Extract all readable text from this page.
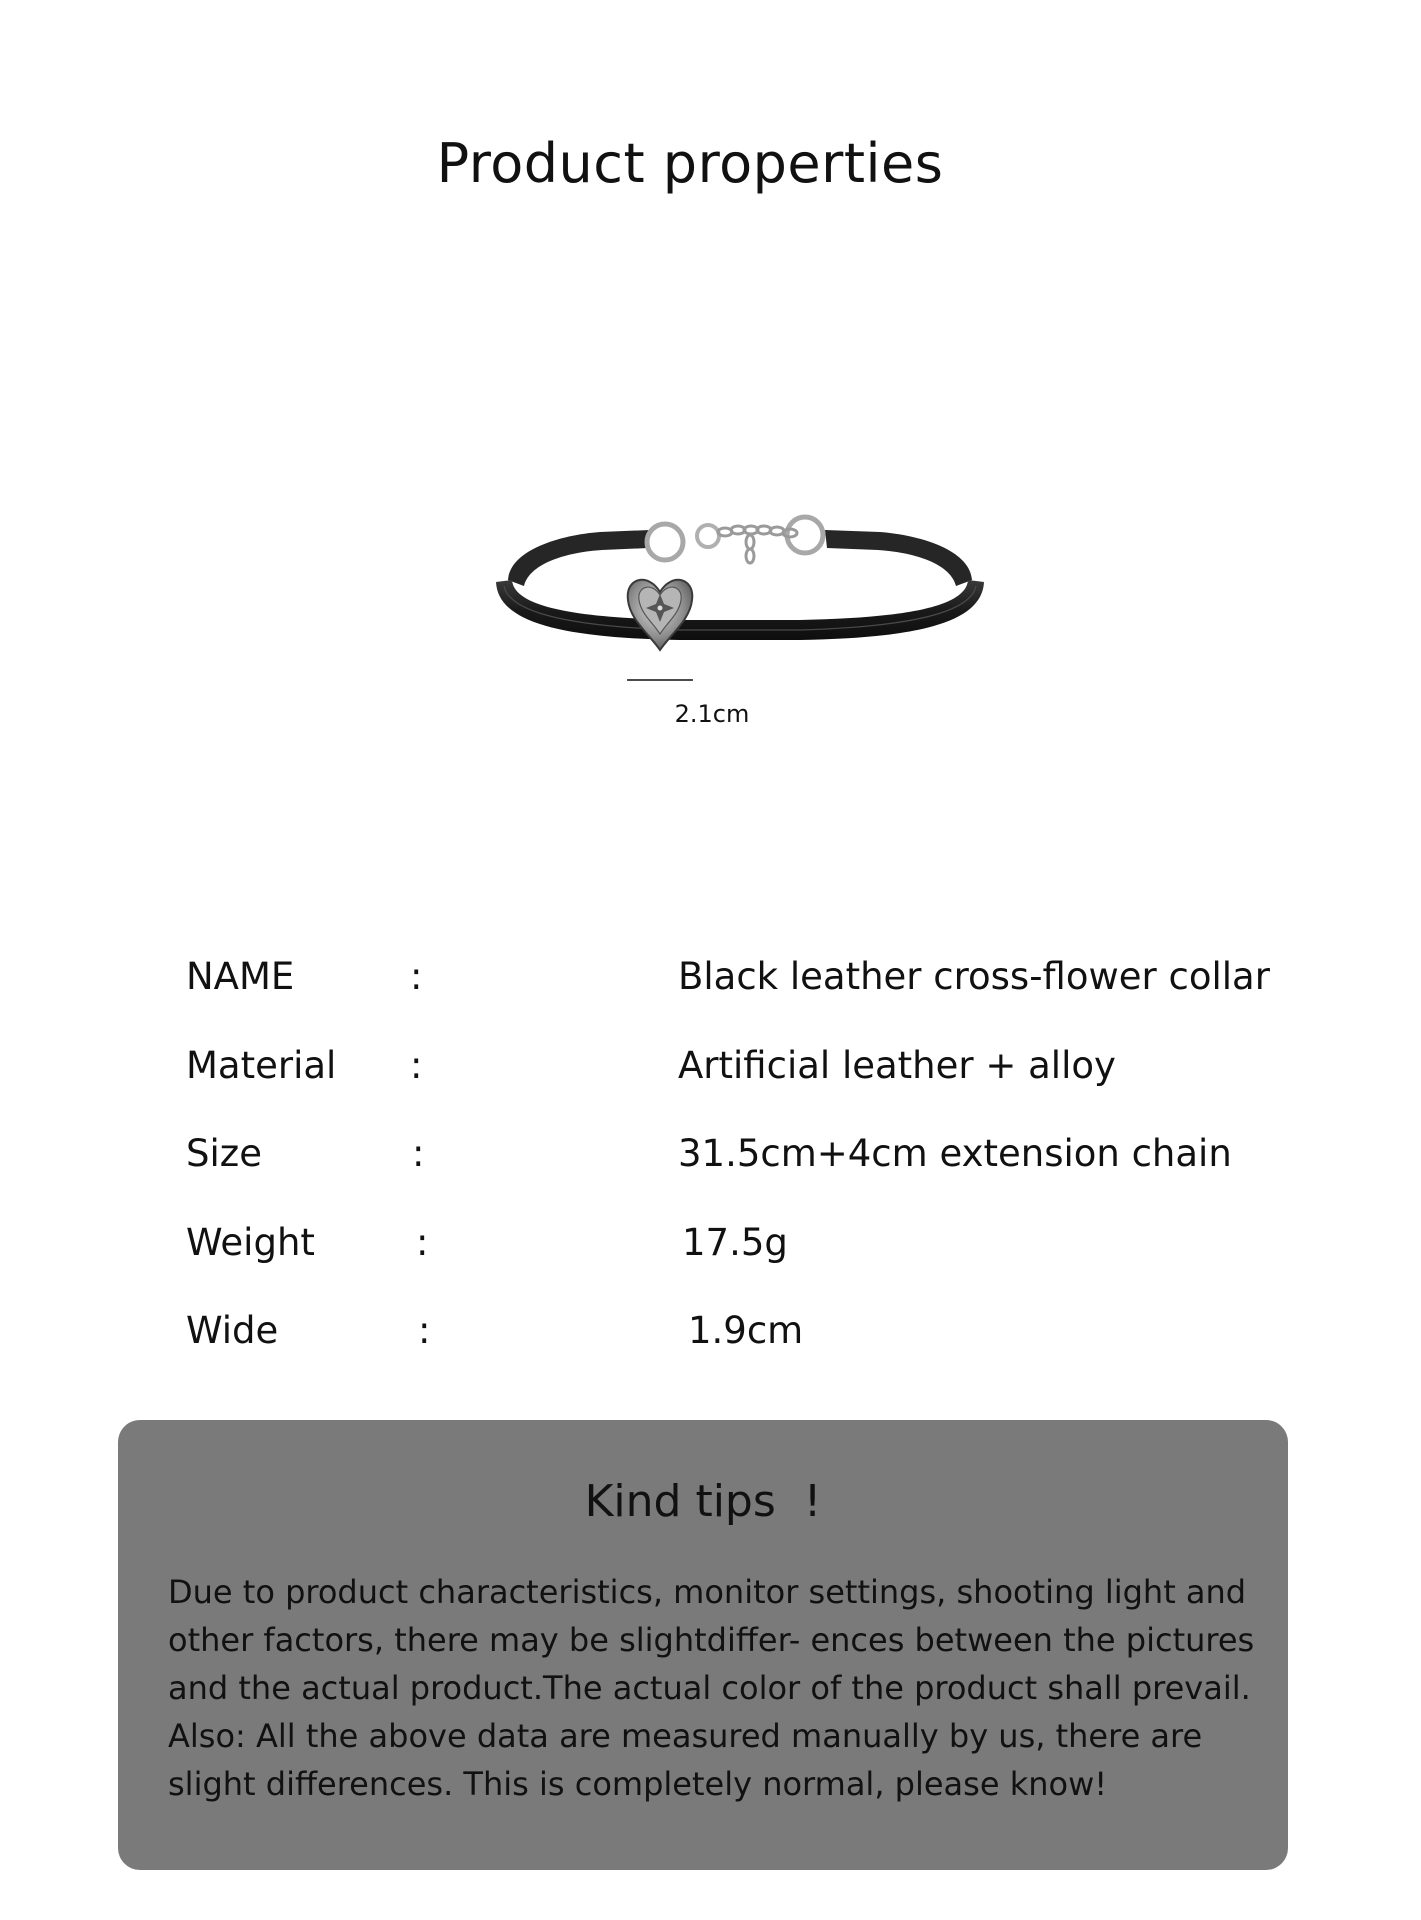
Product properties
2.1cm
NAME	:	Black leather cross-flower collar
Material :	Artificial leather + alloy
Size	:	31.5cm+4cm extension chain
Weight	:	17.5g
Wide	:	1.9cm
Kind tips  !
Due to product characteristics, monitor settings, shooting light and other factors, there may be slightdiffer- ences between the pictures and the actual product.The actual color of the product shall prevail. Also: All the above data are measured manually by us, there are slight differences. This is completely normal, please know!
